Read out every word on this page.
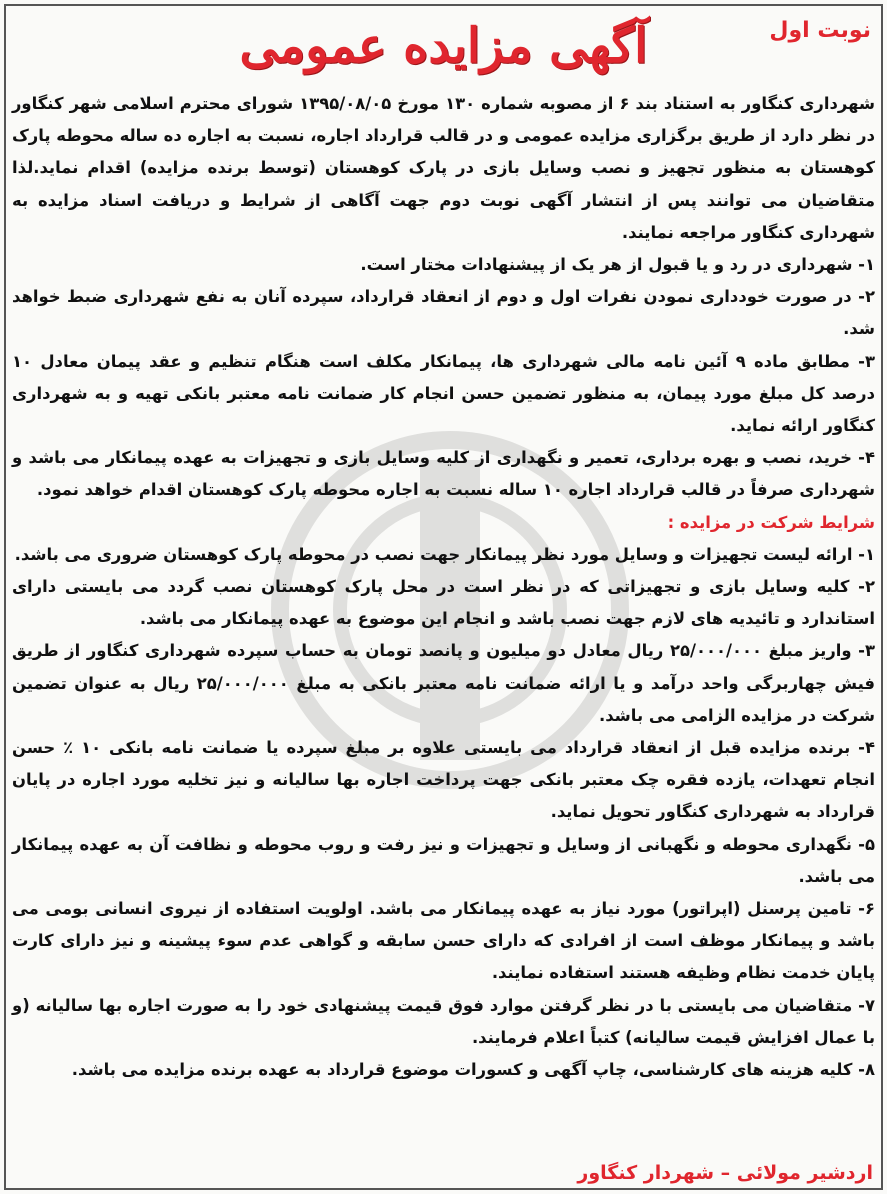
آگهی مزایده عمومی	نوبت اول

شهرداری کنگاور به استناد بند ۶ از مصوبه شماره ۱۳۰ مورخ ۱۳۹۵/۰۸/۰۵ شورای محترم اسلامی شهر کنگاور در نظر دارد از طریق برگزاری مزایده عمومی و در قالب قرارداد اجاره، نسبت به اجاره ده ساله محوطه پارک کوهستان به منظور تجهیز و نصب وسایل بازی در پارک کوهستان (توسط برنده مزایده) اقدام نماید.لذا متقاضیان می توانند پس از انتشار آگهی نوبت دوم جهت آگاهی از شرایط و دریافت اسناد مزایده به شهرداری کنگاور مراجعه نمایند.

۱- شهرداری در رد و یا قبول از هر یک از پیشنهادات مختار است.

۲- در صورت خودداری نمودن نفرات اول و دوم از انعقاد قرارداد، سپرده آنان به نفع شهرداری ضبط خواهد شد.

۳- مطابق ماده ۹ آئین نامه مالی شهرداری ها، پیمانکار مکلف است هنگام تنظیم و عقد پیمان معادل ۱۰ درصد کل مبلغ مورد پیمان، به منظور تضمین حسن انجام کار ضمانت نامه معتبر بانکی تهیه و به شهرداری کنگاور ارائه نماید.

۴- خرید، نصب و بهره برداری، تعمیر و نگهداری از کلیه وسایل بازی و تجهیزات به عهده پیمانکار می باشد و شهرداری صرفاً در قالب قرارداد اجاره ۱۰ ساله نسبت به اجاره محوطه پارک کوهستان اقدام خواهد نمود.

شرایط شرکت در مزایده :

۱- ارائه لیست تجهیزات و وسایل مورد نظر پیمانکار جهت نصب در محوطه پارک کوهستان ضروری می باشد.

۲- کلیه وسایل بازی و تجهیزاتی که در نظر است در محل پارک کوهستان نصب گردد می بایستی دارای استاندارد و تائیدیه های لازم جهت نصب باشد و انجام این موضوع به عهده پیمانکار می باشد.

۳- واریز مبلغ ۲۵/۰۰۰/۰۰۰ ریال معادل دو میلیون و پانصد تومان به حساب سپرده شهرداری کنگاور از طریق فیش چهاربرگی واحد درآمد و یا ارائه ضمانت نامه معتبر بانکی به مبلغ ۲۵/۰۰۰/۰۰۰ ریال به عنوان تضمین شرکت در مزایده الزامی می باشد.

۴- برنده مزایده قبل از انعقاد قرارداد می بایستی علاوه بر مبلغ سپرده یا ضمانت نامه بانکی ۱۰ ٪ حسن انجام تعهدات، یازده فقره چک معتبر بانکی جهت پرداخت اجاره بها سالیانه و نیز تخلیه مورد اجاره در پایان قرارداد به شهرداری کنگاور تحویل نماید.

۵- نگهداری محوطه و نگهبانی از وسایل و تجهیزات و نیز رفت و روب محوطه و نظافت آن به عهده پیمانکار می باشد.

۶- تامین پرسنل (اپراتور) مورد نیاز به عهده پیمانکار می باشد. اولویت استفاده از نیروی انسانی بومی می باشد و پیمانکار موظف است از افرادی که دارای حسن سابقه و گواهی عدم سوء پیشینه و نیز دارای کارت پایان خدمت نظام وظیفه هستند استفاده نمایند.

۷- متقاضیان می بایستی با در نظر گرفتن موارد فوق قیمت پیشنهادی خود را به صورت اجاره بها سالیانه (و با عمال افزایش قیمت سالیانه) کتباً اعلام فرمایند.

۸- کلیه هزینه های کارشناسی، چاپ آگهی و کسورات موضوع قرارداد به عهده برنده مزایده می باشد.

اردشیر مولائی – شهردار کنگاور
